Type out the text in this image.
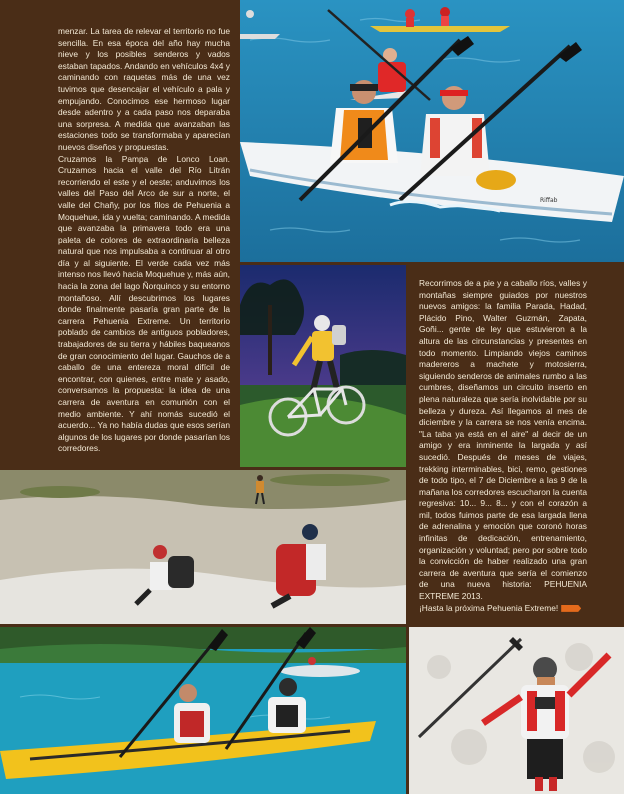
menzar. La tarea de relevar el territorio no fue sencilla. En esa época del año hay mucha nieve y los posibles senderos y vados estaban tapados. Andando en vehículos 4x4 y caminando con raquetas más de una vez tuvimos que desencajar el vehículo a pala y empujando. Conocimos ese hermoso lugar desde adentro y a cada paso nos deparaba una sorpresa. A medida que avanzaban las estaciones todo se transformaba y aparecían nuevos diseños y propuestas.

Cruzamos la Pampa de Lonco Loan. Cruzamos hacia el valle del Río Litrán recorriendo el este y el oeste; anduvimos los valles del Paso del Arco de sur a norte, el valle del Chañy, por los filos de Pehuenia a Moquehue, ida y vuelta; caminando. A medida que avanzaba la primavera todo era una paleta de colores de extraordinaria belleza natural que nos impulsaba a continuar al otro día y al siguiente. El verde cada vez más intenso nos llevó hacia Moquehue y, más aún, hacia la zona del lago Ñorquinco y su entorno montañoso. Allí descubrimos los lugares donde finalmente pasaría gran parte de la carrera Pehuenia Extreme. Un territorio poblado de cambios de antiguos pobladores, trabajadores de su tierra y hábiles baqueanos de gran conocimiento del lugar. Gauchos de a caballo de una entereza moral difícil de encontrar, con quienes, entre mate y asado, conversamos la propuesta: la idea de una carrera de aventura en comunión con el medio ambiente. Y ahí nomás sucedió el acuerdo... Ya no había dudas que esos serían algunos de los lugares por donde pasarían los corredores.

Riffab

Recorrimos de a pie y a caballo ríos, valles y montañas siempre guiados por nuestros nuevos amigos: la familia Parada, Hadad, Plácido Pino, Walter Guzmán, Zapata, Goñi... gente de ley que estuvieron a la altura de las circunstancias y presentes en todo momento. Limpiando viejos caminos madereros a machete y motosierra, siguiendo senderos de animales rumbo a las cumbres, diseñamos un circuito inserto en plena naturaleza que sería inolvidable por su belleza y dureza. Así llegamos al mes de diciembre y la carrera se nos venía encima. "La taba ya está en el aire" al decir de un amigo y era inminente la largada y así sucedió. Después de meses de viajes, trekking interminables, bici, remo, gestiones de todo tipo, el 7 de Diciembre a las 9 de la mañana los corredores escucharon la cuenta regresiva: 10... 9... 8... y con el corazón a mil, todos fuimos parte de esa largada llena de adrenalina y emoción que coronó horas infinitas de dedicación, entrenamiento, organización y voluntad; pero por sobre todo la convicción de haber realizado una gran carrera de aventura que sería el comienzo de una nueva historia: PEHUENIA EXTREME 2013.

¡Hasta la próxima Pehuenia Extreme!
